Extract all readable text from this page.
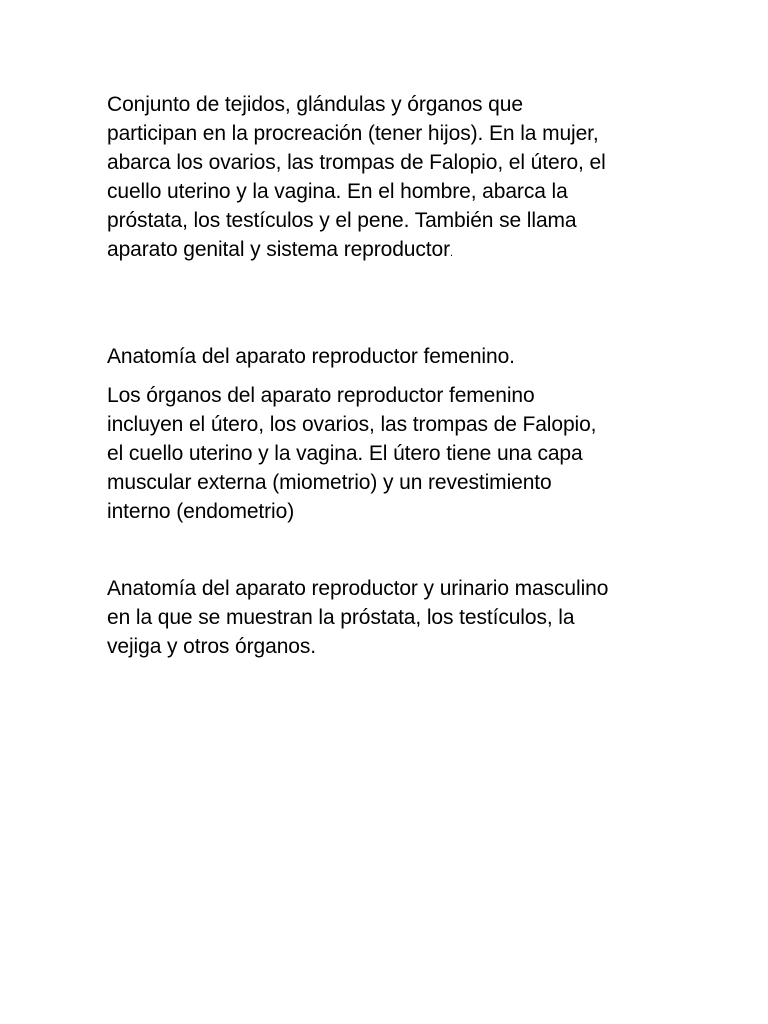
Conjunto de tejidos, glándulas y órganos que
participan en la procreación (tener hijos). En la mujer,
abarca los ovarios, las trompas de Falopio, el útero, el
cuello uterino y la vagina. En el hombre, abarca la
próstata, los testículos y el pene. También se llama
aparato genital y sistema reproductor.

Anatomía del aparato reproductor femenino.

Los órganos del aparato reproductor femenino
incluyen el útero, los ovarios, las trompas de Falopio,
el cuello uterino y la vagina. El útero tiene una capa
muscular externa (miometrio) y un revestimiento
interno (endometrio)

Anatomía del aparato reproductor y urinario masculino
en la que se muestran la próstata, los testículos, la
vejiga y otros órganos.
